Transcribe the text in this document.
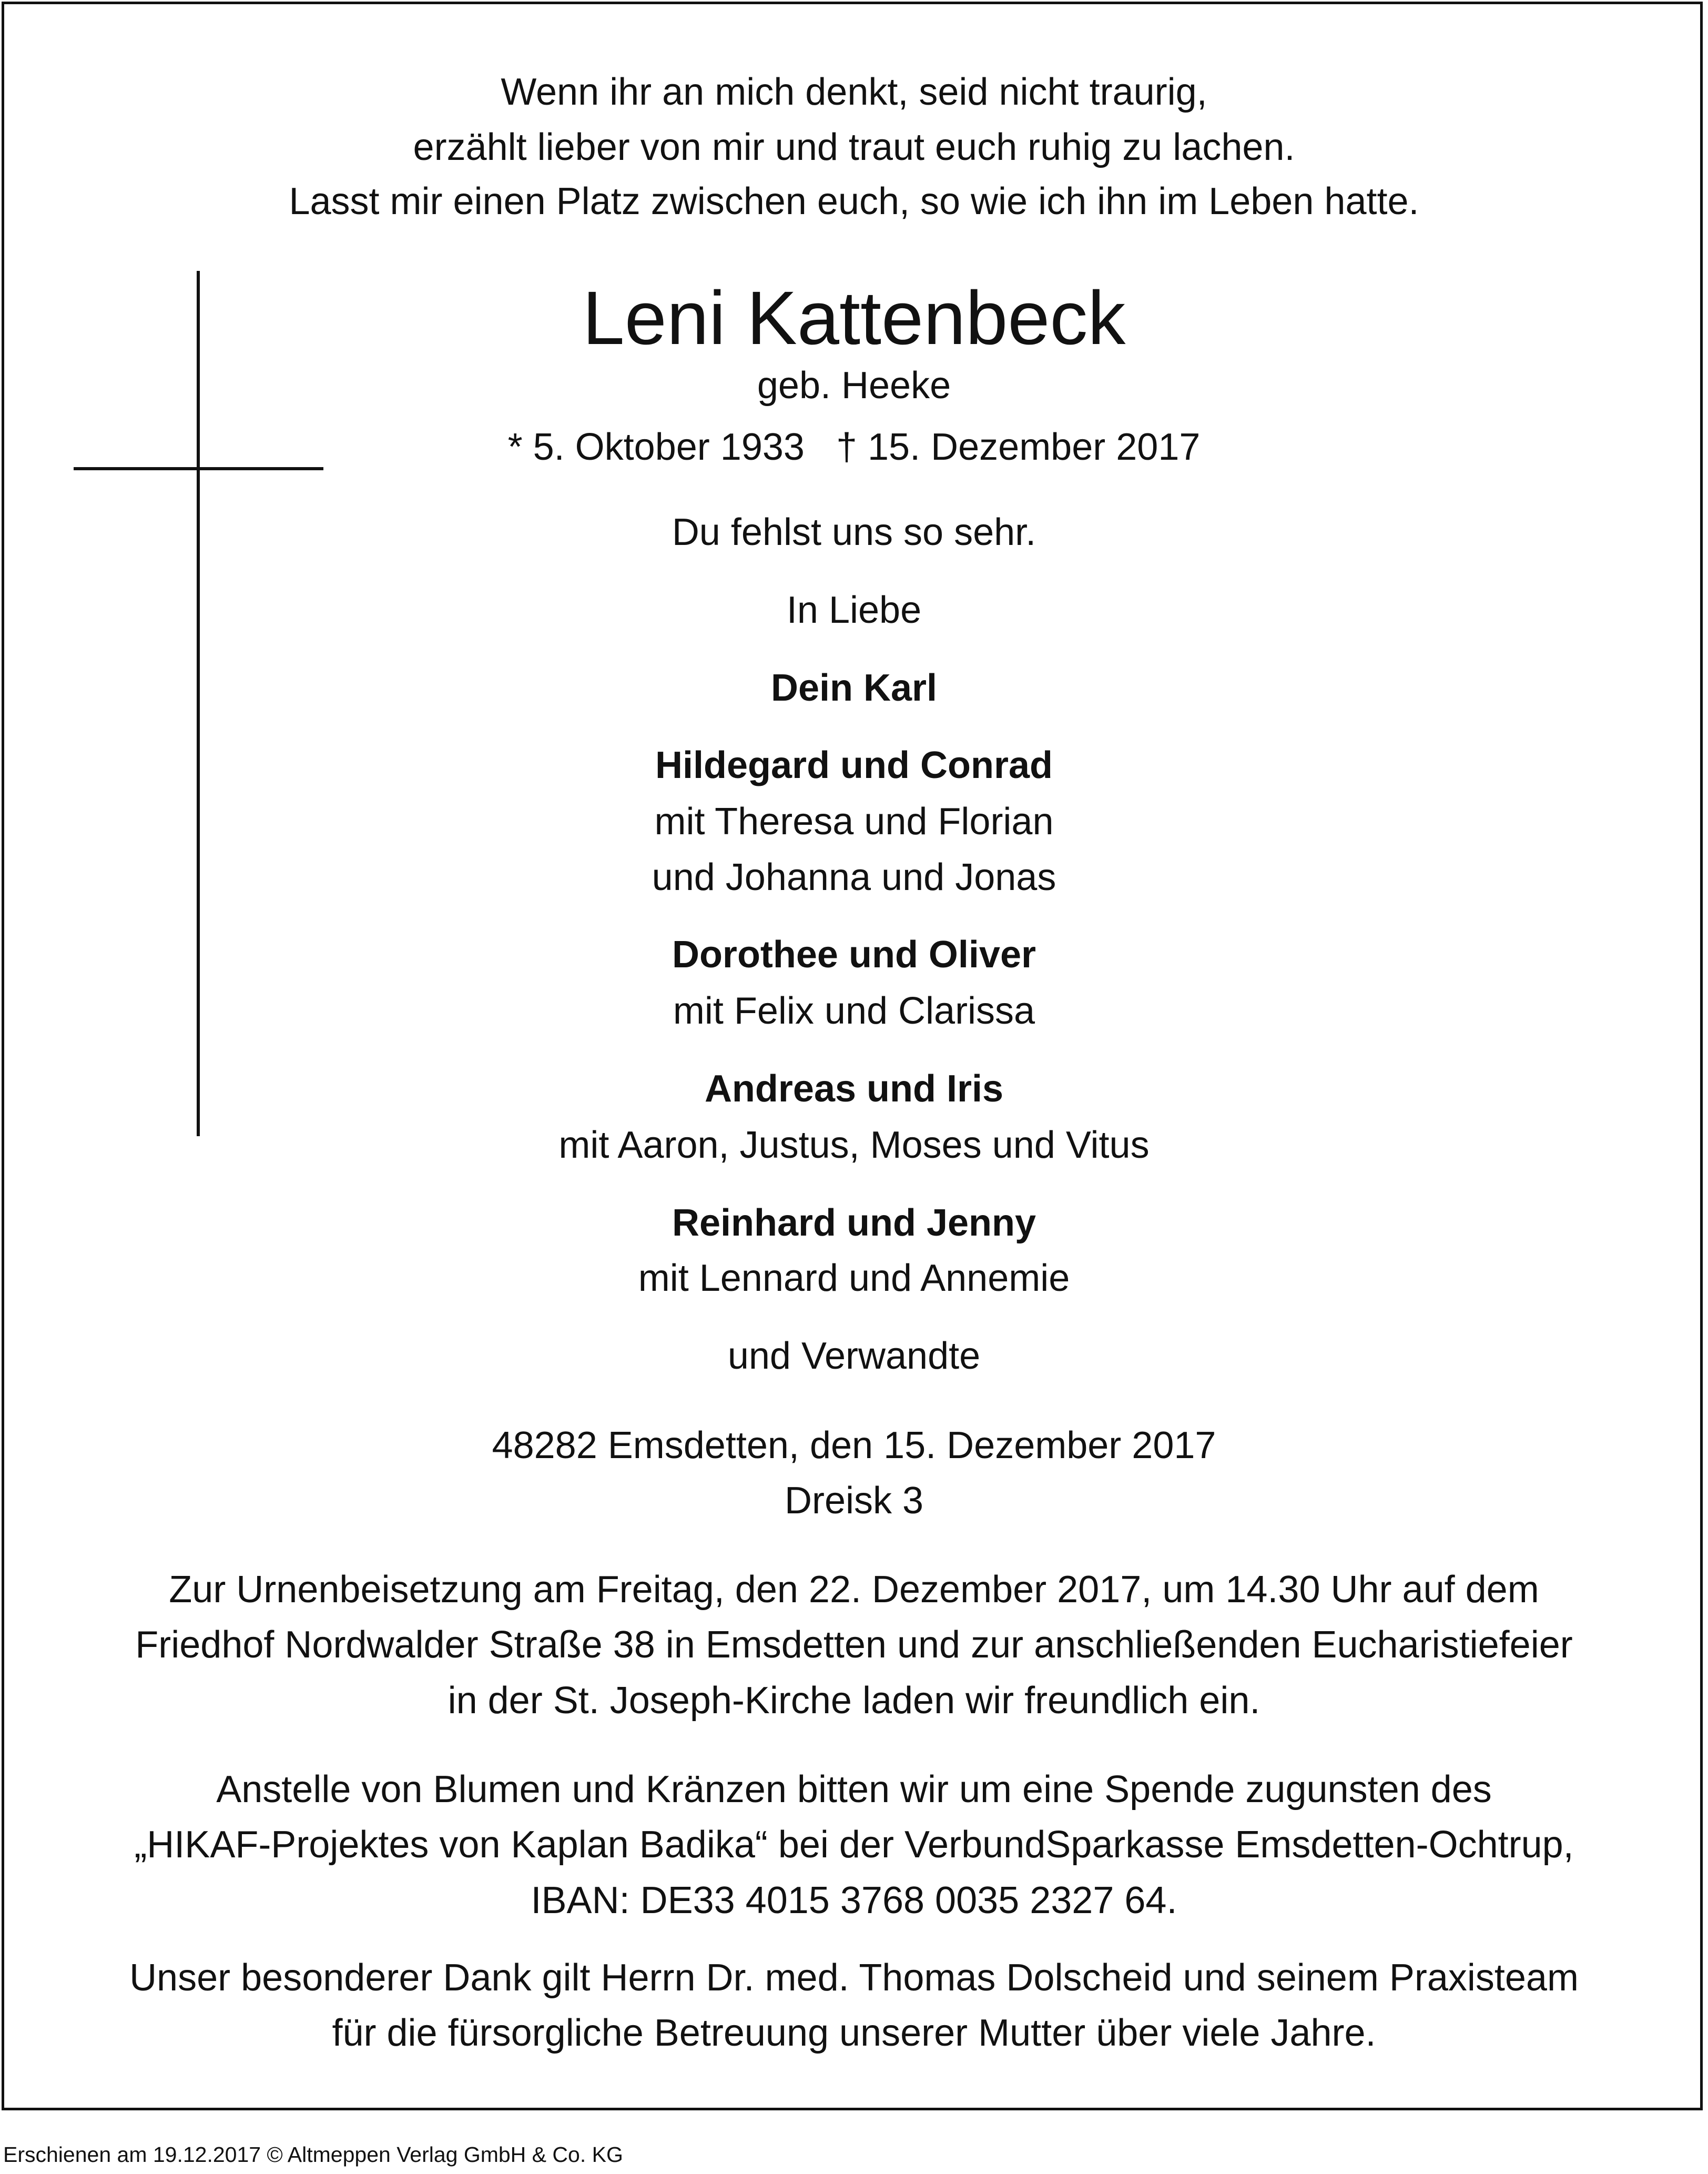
Wenn ihr an mich denkt, seid nicht traurig,
erzählt lieber von mir und traut euch ruhig zu lachen.
Lasst mir einen Platz zwischen euch, so wie ich ihn im Leben hatte.
Leni Kattenbeck
geb. Heeke
* 5. Oktober 1933   † 15. Dezember 2017
Du fehlst uns so sehr.
In Liebe
Dein Karl
Hildegard und Conrad
mit Theresa und Florian
und Johanna und Jonas
Dorothee und Oliver
mit Felix und Clarissa
Andreas und Iris
mit Aaron, Justus, Moses und Vitus
Reinhard und Jenny
mit Lennard und Annemie
und Verwandte
48282 Emsdetten, den 15. Dezember 2017
Dreisk 3
Zur Urnenbeisetzung am Freitag, den 22. Dezember 2017, um 14.30 Uhr auf dem
Friedhof Nordwalder Straße 38 in Emsdetten und zur anschließenden Eucharistiefeier
in der St. Joseph-Kirche laden wir freundlich ein.
Anstelle von Blumen und Kränzen bitten wir um eine Spende zugunsten des
„HIKAF-Projektes von Kaplan Badika“ bei der VerbundSparkasse Emsdetten-Ochtrup,
IBAN: DE33 4015 3768 0035 2327 64.
Unser besonderer Dank gilt Herrn Dr. med. Thomas Dolscheid und seinem Praxisteam
für die fürsorgliche Betreuung unserer Mutter über viele Jahre.
Erschienen am 19.12.2017 © Altmeppen Verlag GmbH & Co. KG
